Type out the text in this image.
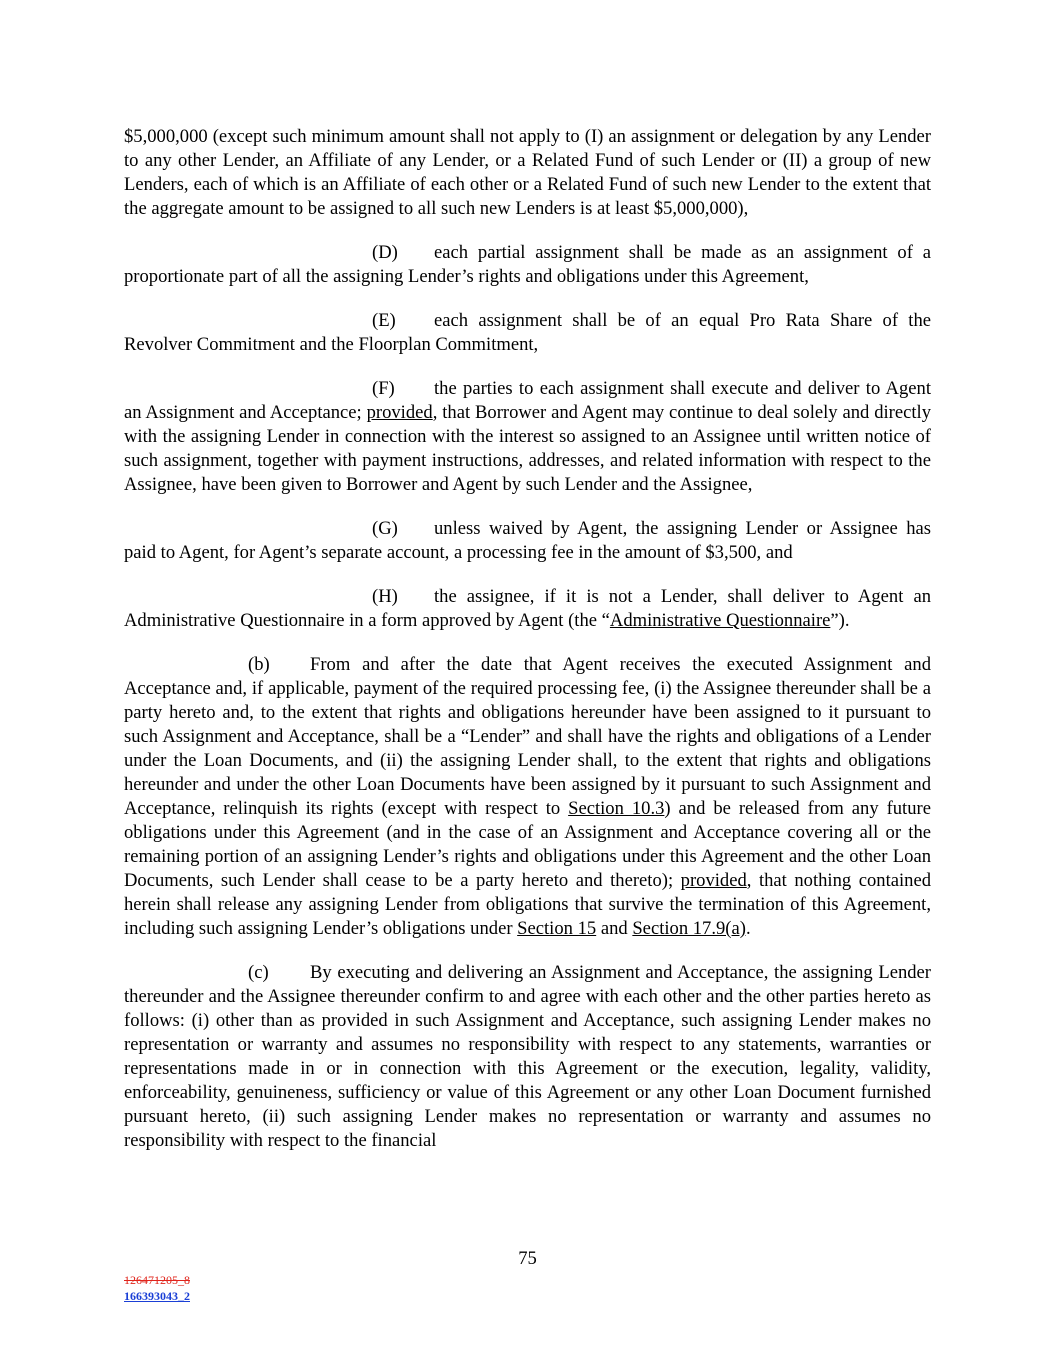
$5,000,000 (except such minimum amount shall not apply to (I) an assignment or delegation by any Lender to any other Lender, an Affiliate of any Lender, or a Related Fund of such Lender or (II) a group of new Lenders, each of which is an Affiliate of each other or a Related Fund of such new Lender to the extent that the aggregate amount to be assigned to all such new Lenders is at least $5,000,000),

(D) each partial assignment shall be made as an assignment of a proportionate part of all the assigning Lender’s rights and obligations under this Agreement,

(E) each assignment shall be of an equal Pro Rata Share of the Revolver Commitment and the Floorplan Commitment,

(F) the parties to each assignment shall execute and deliver to Agent an Assignment and Acceptance; provided, that Borrower and Agent may continue to deal solely and directly with the assigning Lender in connection with the interest so assigned to an Assignee until written notice of such assignment, together with payment instructions, addresses, and related information with respect to the Assignee, have been given to Borrower and Agent by such Lender and the Assignee,

(G) unless waived by Agent, the assigning Lender or Assignee has paid to Agent, for Agent’s separate account, a processing fee in the amount of $3,500, and

(H) the assignee, if it is not a Lender, shall deliver to Agent an Administrative Questionnaire in a form approved by Agent (the “Administrative Questionnaire”).

(b) From and after the date that Agent receives the executed Assignment and Acceptance and, if applicable, payment of the required processing fee, (i) the Assignee thereunder shall be a party hereto and, to the extent that rights and obligations hereunder have been assigned to it pursuant to such Assignment and Acceptance, shall be a “Lender” and shall have the rights and obligations of a Lender under the Loan Documents, and (ii) the assigning Lender shall, to the extent that rights and obligations hereunder and under the other Loan Documents have been assigned by it pursuant to such Assignment and Acceptance, relinquish its rights (except with respect to Section 10.3) and be released from any future obligations under this Agreement (and in the case of an Assignment and Acceptance covering all or the remaining portion of an assigning Lender’s rights and obligations under this Agreement and the other Loan Documents, such Lender shall cease to be a party hereto and thereto); provided, that nothing contained herein shall release any assigning Lender from obligations that survive the termination of this Agreement, including such assigning Lender’s obligations under Section 15 and Section 17.9(a).

(c) By executing and delivering an Assignment and Acceptance, the assigning Lender thereunder and the Assignee thereunder confirm to and agree with each other and the other parties hereto as follows: (i) other than as provided in such Assignment and Acceptance, such assigning Lender makes no representation or warranty and assumes no responsibility with respect to any statements, warranties or representations made in or in connection with this Agreement or the execution, legality, validity, enforceability, genuineness, sufficiency or value of this Agreement or any other Loan Document furnished pursuant hereto, (ii) such assigning Lender makes no representation or warranty and assumes no responsibility with respect to the financial

75
126471205_8
166393043_2
